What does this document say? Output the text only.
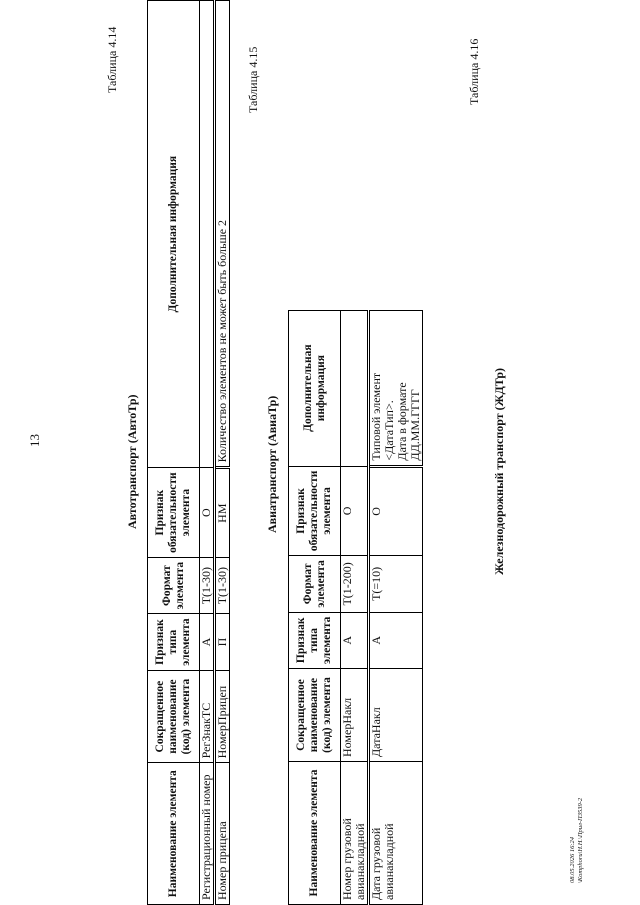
13
Таблица 4.14
Автотранспорт (АвтоТр)
Наименование элемента	Сокращенное наименование (код) элемента	Признак типа элемента	Формат элемента	Признак обязательности элемента	Дополнительная информация
Регистрационный номер	РегЗнакТС	А	Т(1-30)	О	
Номер прицепа	НомерПрицеп	П	Т(1-30)	НМ	Количество элементов не может быть больше 2
Таблица 4.15
Авиатранспорт (АвиаТр)
Наименование элемента	Сокращенное наименование (код) элемента	Признак типа элемента	Формат элемента	Признак обязательности элемента	Дополнительная информация
Номер грузовой авианакладной	НомерНакл	А	Т(1-200)	О	
Дата грузовой авианакладной	ДатаНакл	А	Т(=10)	О	Типовой элемент <ДатаТип>. Дата в формате ДД.ММ.ГГГГ
Таблица 4.16
Железнодорожный транспорт (ЖДТр)
08.05.2026 16:24 \Komphoru\H.H.\Прил-П3539-2
